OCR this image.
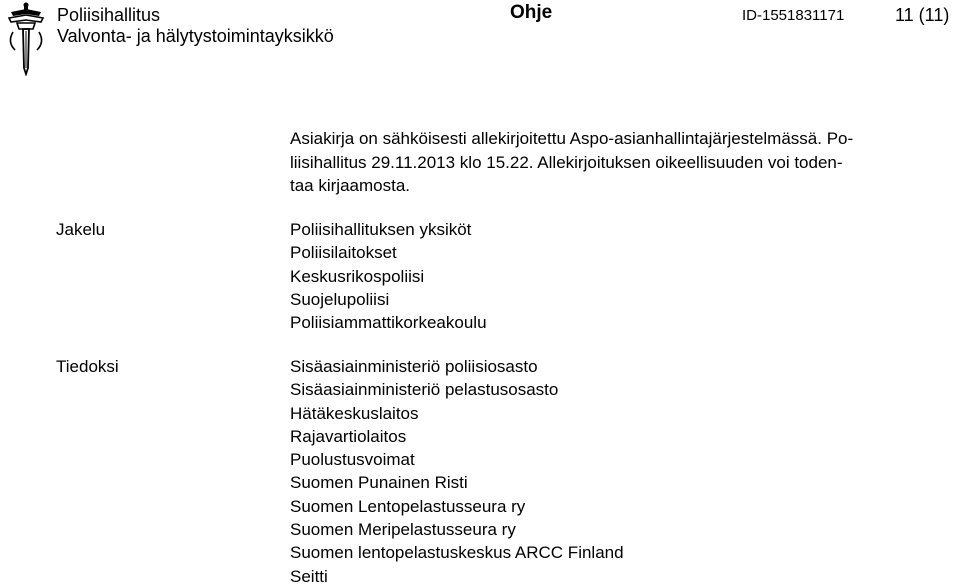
Poliisihallitus
Valvonta- ja hälytystoimintayksikkö
Ohje	ID-1551831171	11 (11)
Asiakirja on sähköisesti allekirjoitettu Aspo-asianhallintajärjestelmässä. Po-
liisihallitus 29.11.2013 klo 15.22. Allekirjoituksen oikeellisuuden voi toden-
taa kirjaamosta.
Jakelu	Poliisihallituksen yksiköt
Poliisilaitokset
Keskusrikospoliisi
Suojelupoliisi
Poliisiammattikorkeakoulu
Tiedoksi	Sisäasiainministeriö poliisiosasto
Sisäasiainministeriö pelastusosasto
Hätäkeskuslaitos
Rajavartiolaitos
Puolustusvoimat
Suomen Punainen Risti
Suomen Lentopelastusseura ry
Suomen Meripelastusseura ry
Suomen lentopelastuskeskus ARCC Finland
Seitti
